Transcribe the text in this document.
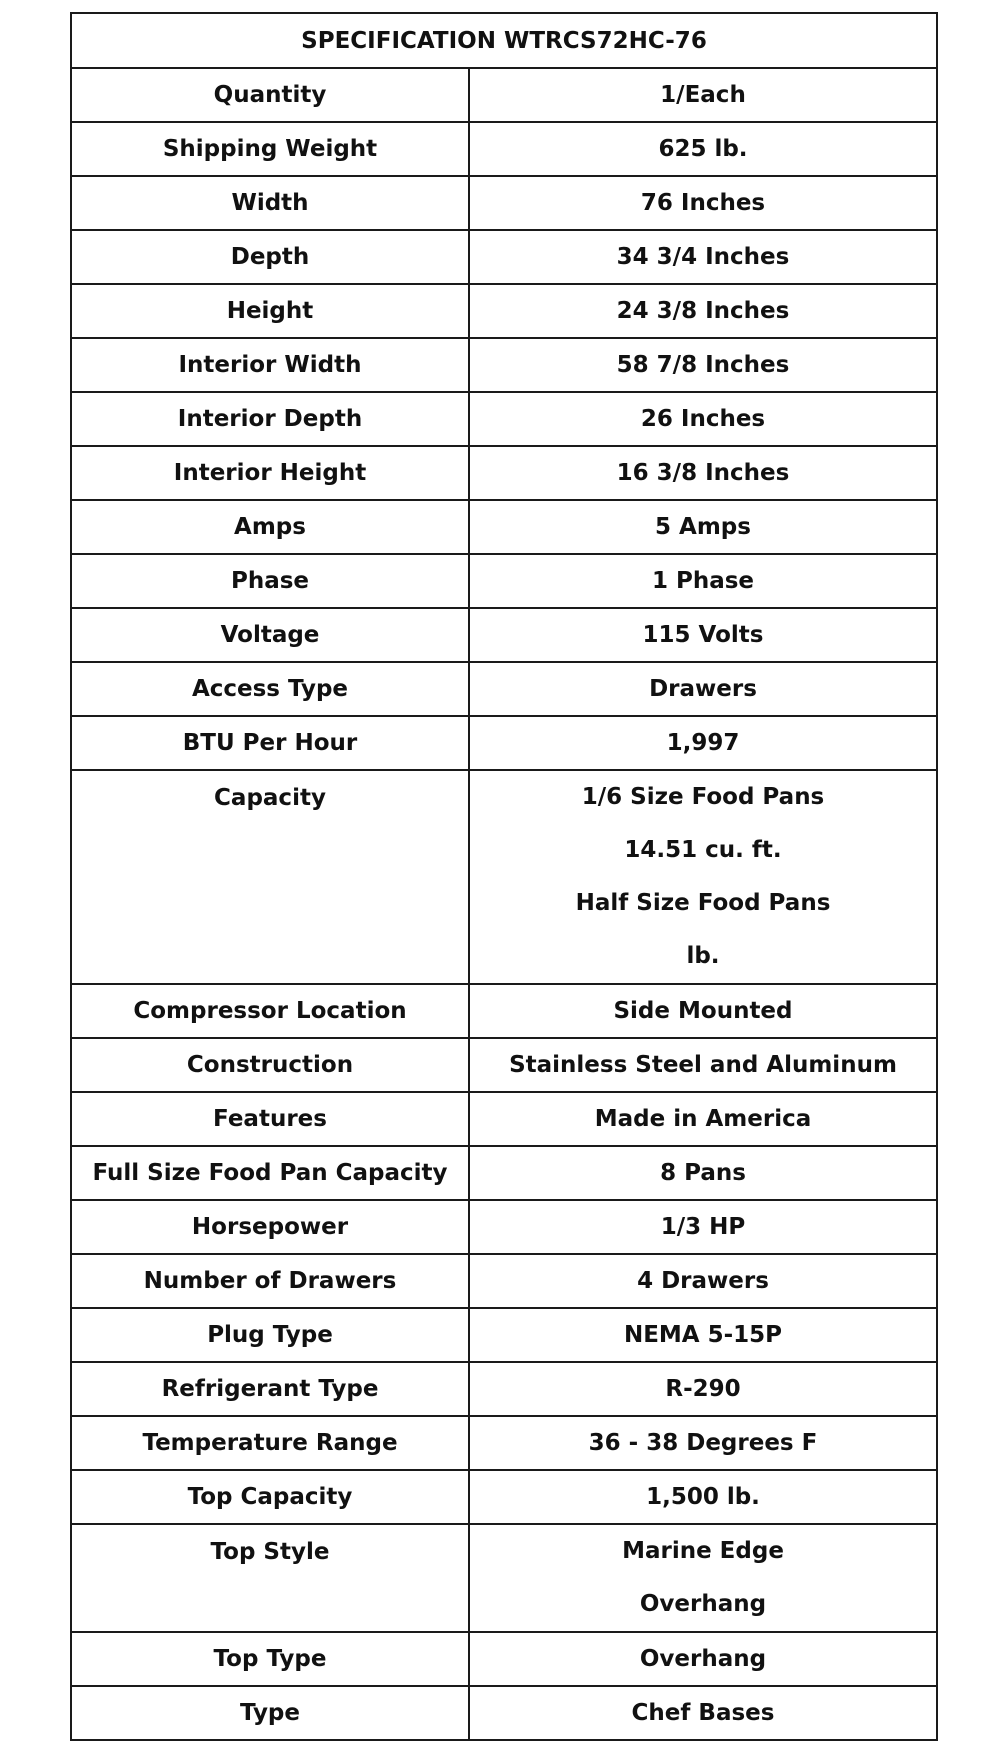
SPECIFICATION WTRCS72HC-76	
Quantity	1/Each
Shipping Weight	625 lb.
Width	76 Inches
Depth	34 3/4 Inches
Height	24 3/8 Inches
Interior Width	58 7/8 Inches
Interior Depth	26 Inches
Interior Height	16 3/8 Inches
Amps	5 Amps
Phase	1 Phase
Voltage	115 Volts
Access Type	Drawers
BTU Per Hour	1,997
Capacity	1/6 Size Food Pans
14.51 cu. ft.
Half Size Food Pans
lb.

Compressor Location	Side Mounted
Construction	Stainless Steel and Aluminum
Features	Made in America
Full Size Food Pan Capacity	8 Pans
Horsepower	1/3 HP
Number of Drawers	4 Drawers
Plug Type	NEMA 5-15P
Refrigerant Type	R-290
Temperature Range	36 - 38 Degrees F
Top Capacity	1,500 lb.
Top Style	Marine Edge
Overhang

Top Type	Overhang
Type	Chef Bases
